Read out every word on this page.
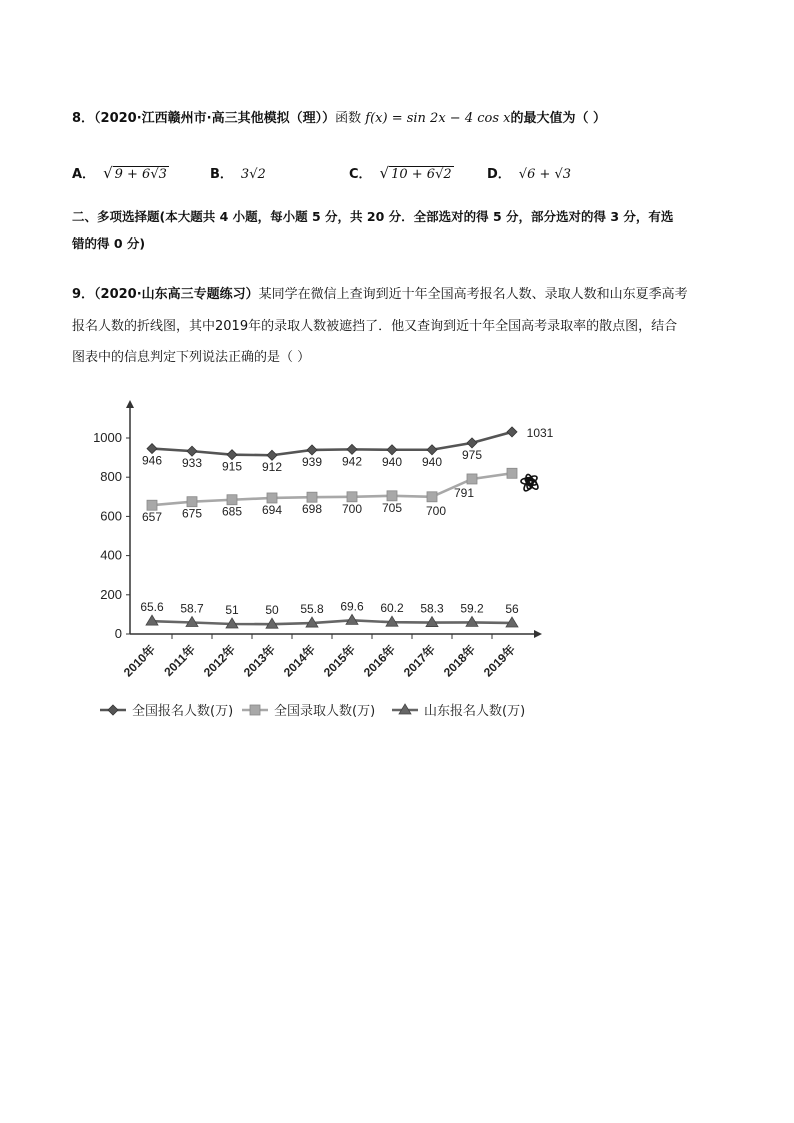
8．（2020·江西赣州市·高三其他模拟（理））函数 f(x) = sin 2x − 4 cos x的最大值为（ ）
A． √ 9 + 6√3	B． 3√2	C． √ 10 + 6√2	D． √6 + √3
二、多项选择题(本大题共 4 小题，每小题 5 分，共 20 分．全部选对的得 5 分，部分选对的得 3 分，有选
错的得 0 分)
9．（2020·山东高三专题练习）某同学在微信上查询到近十年全国高考报名人数、录取人数和山东夏季高考
报名人数的折线图，其中2019年的录取人数被遮挡了．他又查询到近十年全国高考录取率的散点图，结合
图表中的信息判定下列说法正确的是（ ）
0
200
400
600
800
1000
2010年 2011年 2012年 2013年 2014年 2015年 2016年 2017年 2018年 2019年
946 933 915 912 939 942 940 940 975
1031
657 675 685 694 698 700 705 700
791
65.6 58.7 51 50 55.8 69.6 60.2 58.3 59.2 56
全国报名人数(万)	全国录取人数(万)	山东报名人数(万)
